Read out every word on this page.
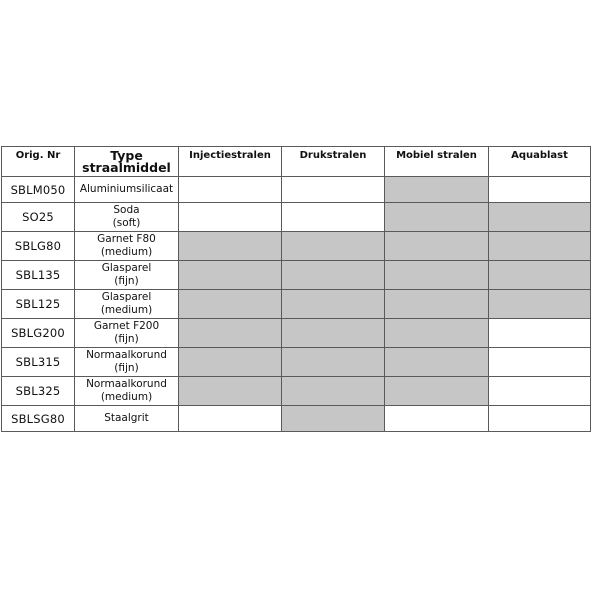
Orig. Nr	Type straalmiddel	Injectiestralen	Drukstralen	Mobiel stralen	Aquablast
SBLM050	Aluminiumsilicaat				

SO25	Soda
(soft)				

SBLG80	Garnet F80
(medium)				

SBL135	Glasparel
(fijn)				

SBL125	Glasparel
(medium)				

SBLG200	Garnet F200
(fijn)				

SBL315	Normaalkorund
(fijn)				

SBL325	Normaalkorund
(medium)				

SBLSG80	Staalgrit				
